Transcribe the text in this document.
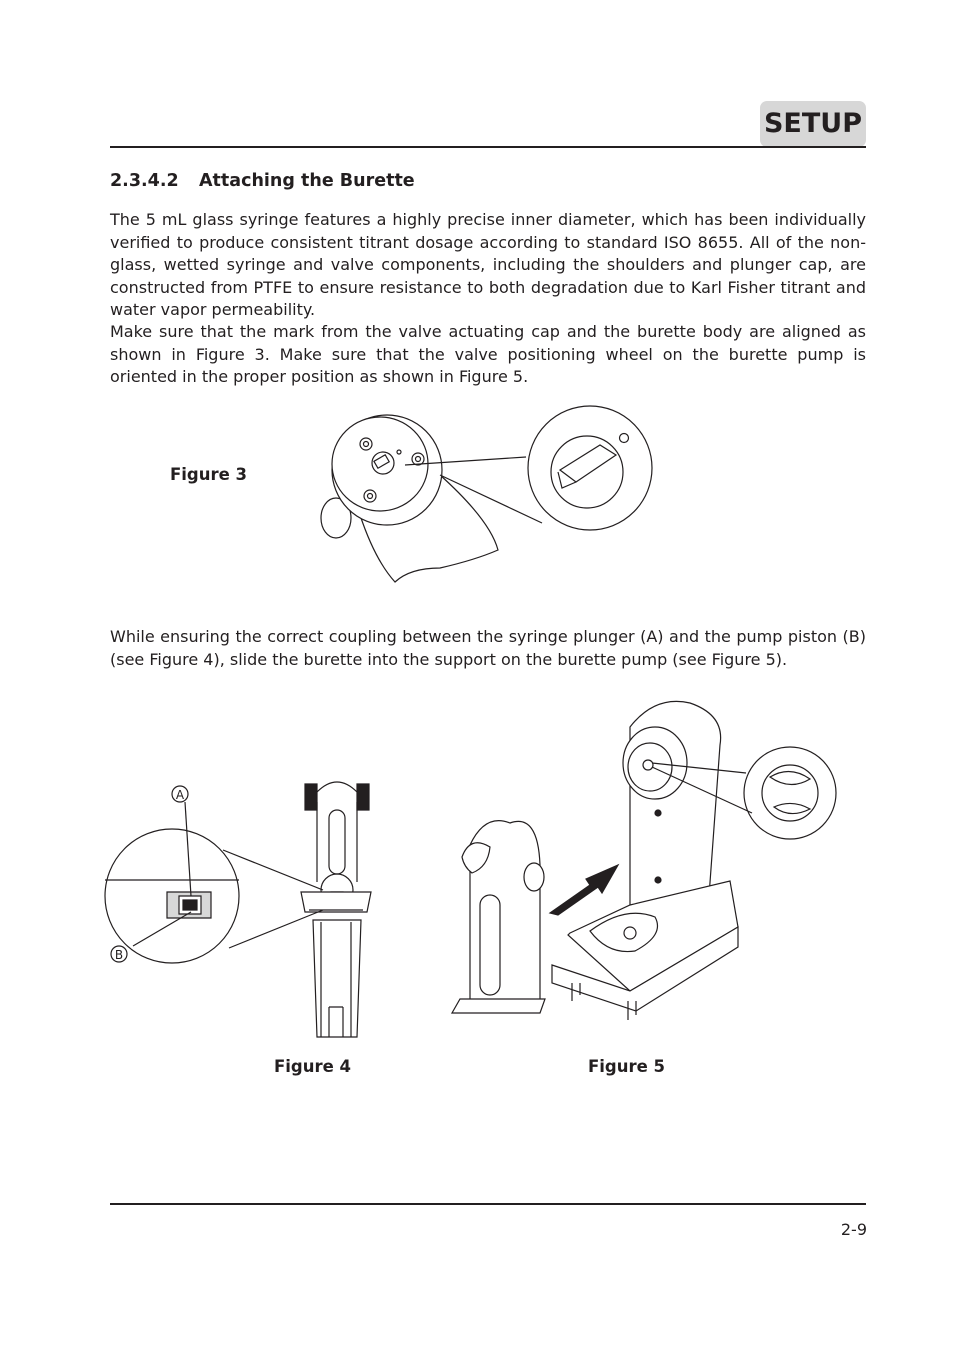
SETUP
2.3.4.2 Attaching the Burette

The 5 mL glass syringe features a highly precise inner diameter, which has been individually verified to produce consistent titrant dosage according to standard ISO 8655. All of the non-glass, wetted syringe and valve components, including the shoulders and plunger cap, are constructed from PTFE to ensure resistance to both degradation due to Karl Fisher titrant and water vapor permeability.

Make sure that the mark from the valve actuating cap and the burette body are aligned as shown in Figure 3. Make sure that the valve positioning wheel on the burette pump is oriented in the proper position as shown in Figure 5.

Figure 3

While ensuring the correct coupling between the syringe plunger (A) and the pump piston (B) (see Figure 4), slide the burette into the support on the burette pump (see Figure 5).

A
B
Figure 4	Figure 5
2-9
